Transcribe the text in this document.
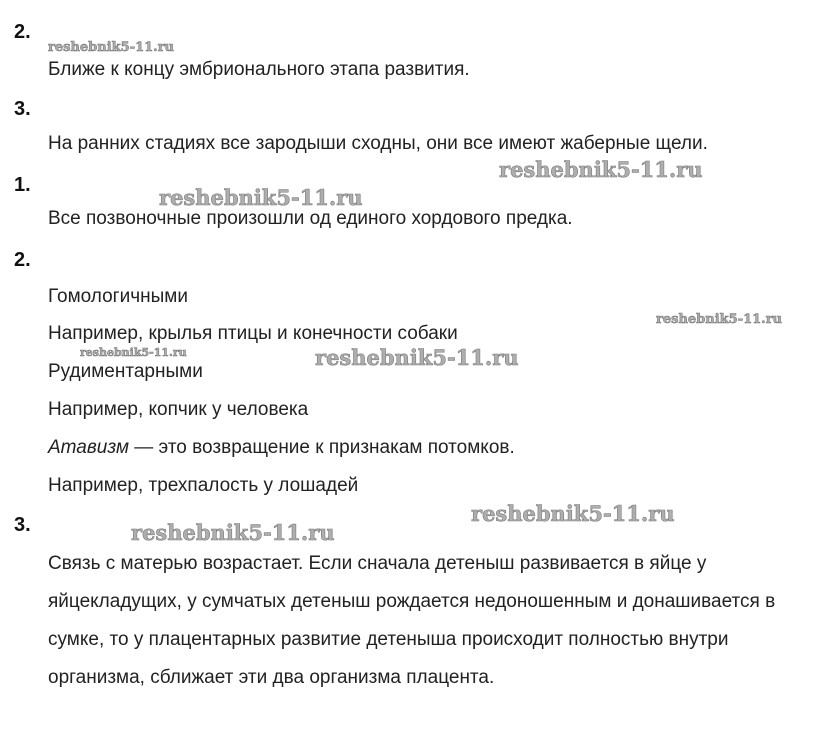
2.
3.
1.
2.
3.
Ближе к концу эмбрионального этапа развития.
На ранних стадиях все зародыши сходны, они все имеют жаберные щели.
Все позвоночные произошли од единого хордового предка.
Гомологичными
Например, крылья птицы и конечности собаки
Рудиментарными
Например, копчик у человека
Атавизм — это возвращение к признакам потомков.
Например, трехпалость у лошадей
Связь с матерью возрастает. Если сначала детеныш развивается в яйце у яйцекладущих, у сумчатых детеныш рождается недоношенным и донашивается в сумке, то у плацентарных развитие детеныша происходит полностью внутри организма, сближает эти два организма плацента.
reshebnik5-11.ru
reshebnik5-11.ru
reshebnik5-11.ru
reshebnik5-11.ru
reshebnik5-11.ru	reshebnik5-11.ru
reshebnik5-11.ru
reshebnik5-11.ru
